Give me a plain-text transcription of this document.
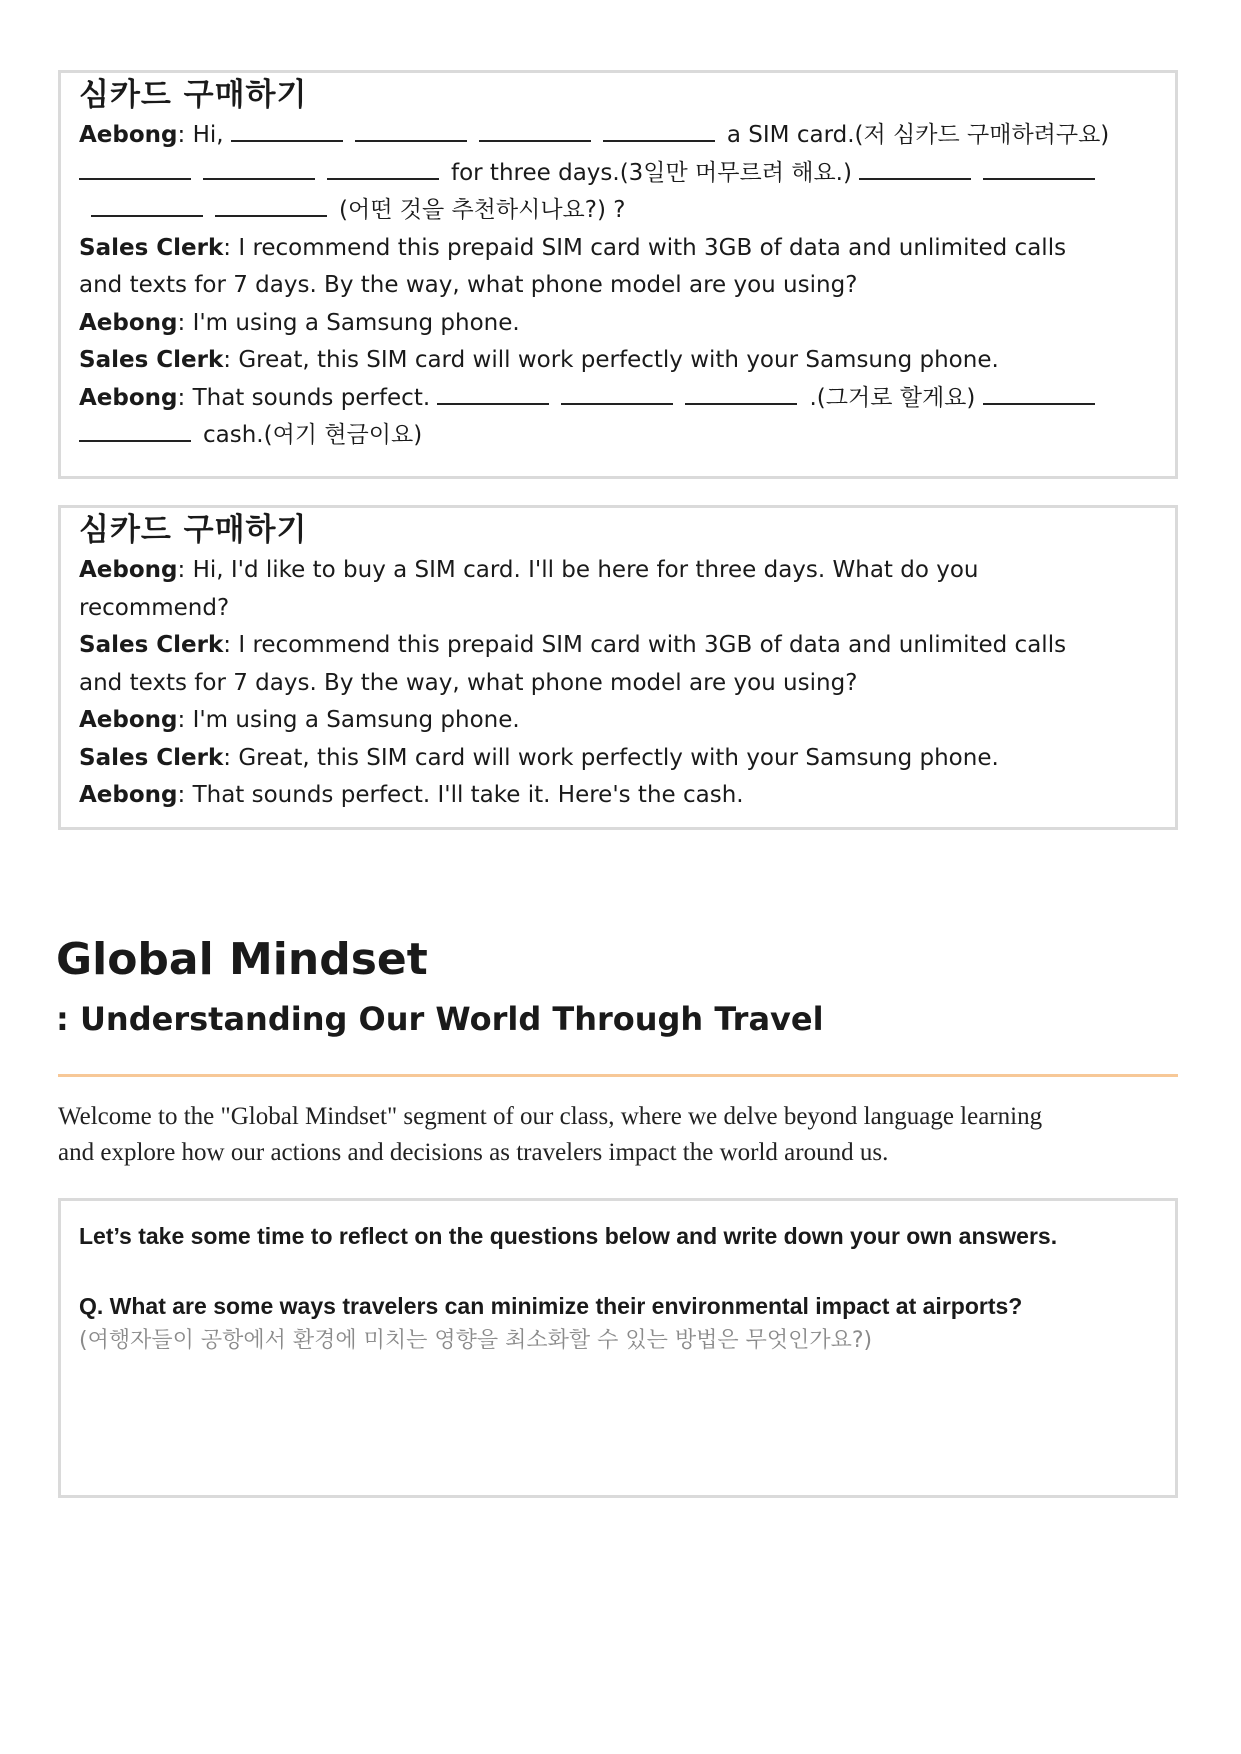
심카드 구매하기
Aebong: Hi,	a SIM card.(저 심카드 구매하려구요)
for three days.(3일만 머무르려 해요.)
(어떤 것을 추천하시나요?) ?
Sales Clerk: I recommend this prepaid SIM card with 3GB of data and unlimited calls
and texts for 7 days. By the way, what phone model are you using?
Aebong: I'm using a Samsung phone.
Sales Clerk: Great, this SIM card will work perfectly with your Samsung phone.
Aebong: That sounds perfect.	.(그거로 할게요)
cash.(여기 현금이요)
심카드 구매하기
Aebong: Hi, I'd like to buy a SIM card. I'll be here for three days. What do you
recommend?
Sales Clerk: I recommend this prepaid SIM card with 3GB of data and unlimited calls
and texts for 7 days. By the way, what phone model are you using?
Aebong: I'm using a Samsung phone.
Sales Clerk: Great, this SIM card will work perfectly with your Samsung phone.
Aebong: That sounds perfect. I'll take it. Here's the cash.
Global Mindset
: Understanding Our World Through Travel

Welcome to the "Global Mindset" segment of our class, where we delve beyond language learning
and explore how our actions and decisions as travelers impact the world around us.

Let’s take some time to reflect on the questions below and write down your own answers.

Q. What are some ways travelers can minimize their environmental impact at airports?

(여행자들이 공항에서 환경에 미치는 영향을 최소화할 수 있는 방법은 무엇인가요?)
